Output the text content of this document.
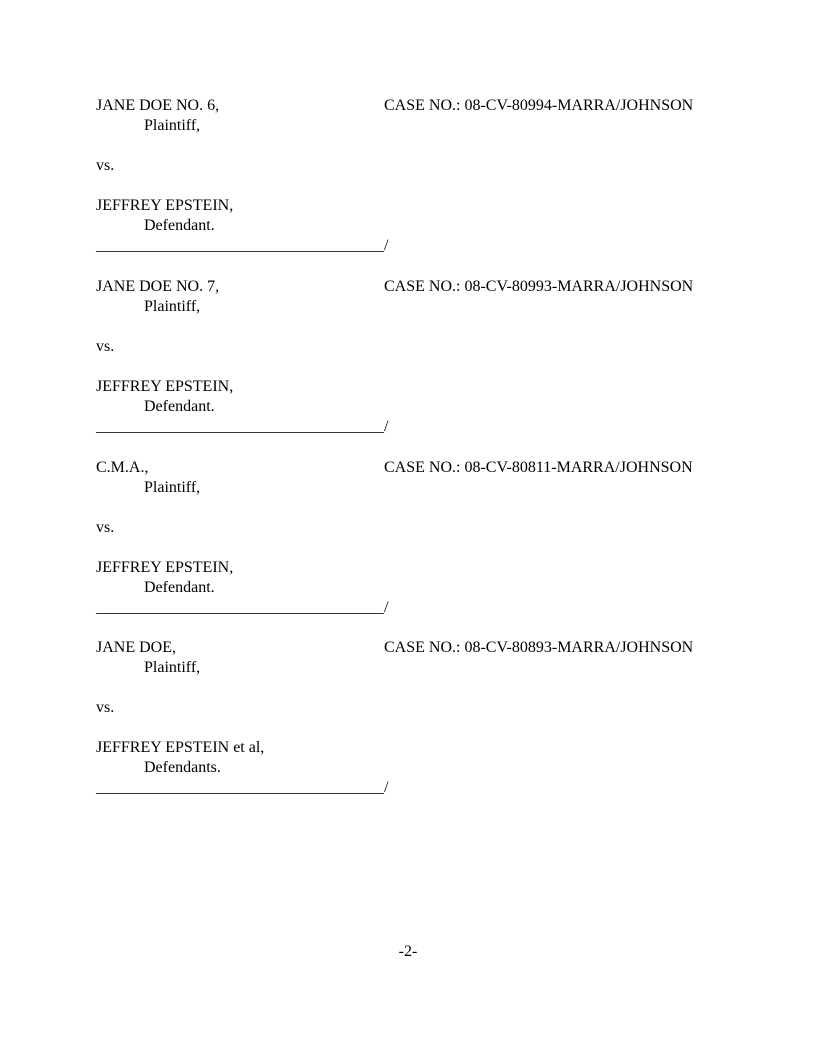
JANE DOE NO. 6,	CASE NO.: 08-CV-80994-MARRA/JOHNSON
Plaintiff,
vs.
JEFFREY EPSTEIN,
Defendant.
____________________________________/
JANE DOE NO. 7,	CASE NO.: 08-CV-80993-MARRA/JOHNSON
Plaintiff,
vs.
JEFFREY EPSTEIN,
Defendant.
____________________________________/
C.M.A.,	CASE NO.: 08-CV-80811-MARRA/JOHNSON
Plaintiff,
vs.
JEFFREY EPSTEIN,
Defendant.
____________________________________/
JANE DOE,	CASE NO.: 08-CV-80893-MARRA/JOHNSON
Plaintiff,
vs.
JEFFREY EPSTEIN et al,
Defendants.
____________________________________/
-2-
